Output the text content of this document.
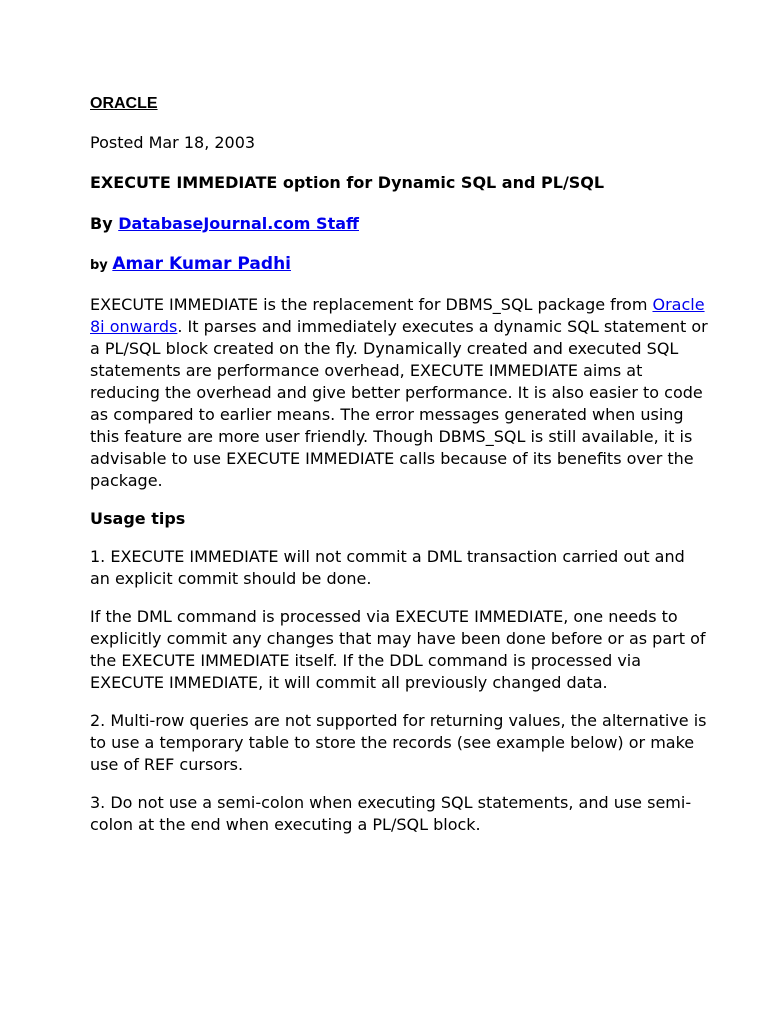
ORACLE
Posted Mar 18, 2003
EXECUTE IMMEDIATE option for Dynamic SQL and PL/SQL
By DatabaseJournal.com Staff
by Amar Kumar Padhi

EXECUTE IMMEDIATE is the replacement for DBMS_SQL package from Oracle 8i onwards. It parses and immediately executes a dynamic SQL statement or a PL/SQL block created on the fly. Dynamically created and executed SQL statements are performance overhead, EXECUTE IMMEDIATE aims at reducing the overhead and give better performance. It is also easier to code as compared to earlier means. The error messages generated when using this feature are more user friendly. Though DBMS_SQL is still available, it is advisable to use EXECUTE IMMEDIATE calls because of its benefits over the package.

Usage tips

1. EXECUTE IMMEDIATE will not commit a DML transaction carried out and an explicit commit should be done.

If the DML command is processed via EXECUTE IMMEDIATE, one needs to explicitly commit any changes that may have been done before or as part of the EXECUTE IMMEDIATE itself. If the DDL command is processed via EXECUTE IMMEDIATE, it will commit all previously changed data.

2. Multi-row queries are not supported for returning values, the alternative is to use a temporary table to store the records (see example below) or make use of REF cursors.

3. Do not use a semi-colon when executing SQL statements, and use semi-colon at the end when executing a PL/SQL block.
